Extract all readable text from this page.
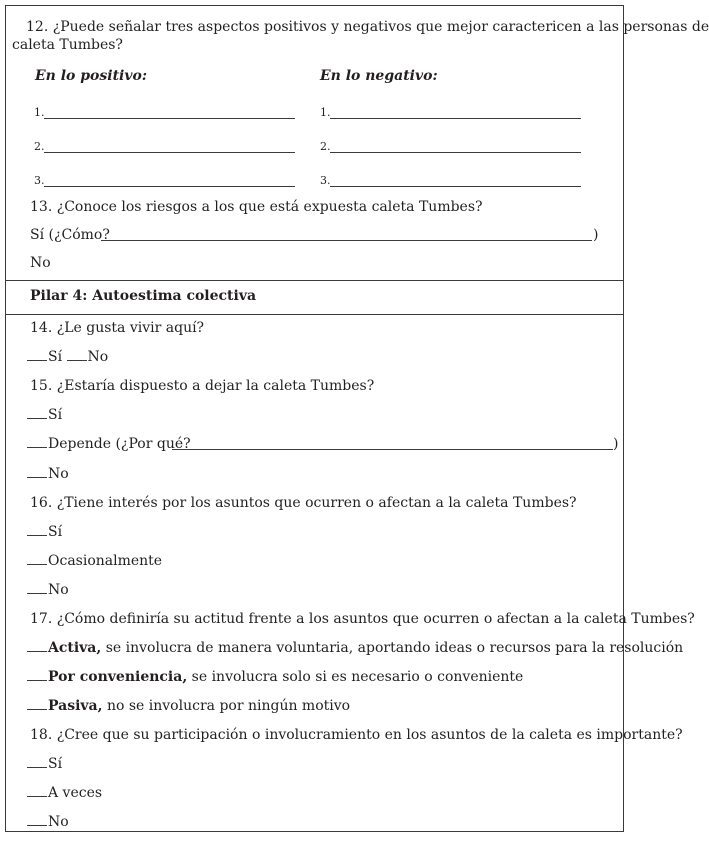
12. ¿Puede señalar tres aspectos positivos y negativos que mejor caractericen a las personas de
caleta Tumbes?
En lo positivo:	En lo negativo:
1.	1.
2.	2.
3.	3.
13. ¿Conoce los riesgos a los que está expuesta caleta Tumbes?
Sí (¿Cómo?	)
No
Pilar 4: Autoestima colectiva
14. ¿Le gusta vivir aquí?
Sí No
15. ¿Estaría dispuesto a dejar la caleta Tumbes?
Sí
Depende (¿Por qué?	)
No
16. ¿Tiene interés por los asuntos que ocurren o afectan a la caleta Tumbes?
Sí
Ocasionalmente
No
17. ¿Cómo definiría su actitud frente a los asuntos que ocurren o afectan a la caleta Tumbes?
Activa, se involucra de manera voluntaria, aportando ideas o recursos para la resolución
Por conveniencia, se involucra solo si es necesario o conveniente
Pasiva, no se involucra por ningún motivo
18. ¿Cree que su participación o involucramiento en los asuntos de la caleta es importante?
Sí
A veces
No
